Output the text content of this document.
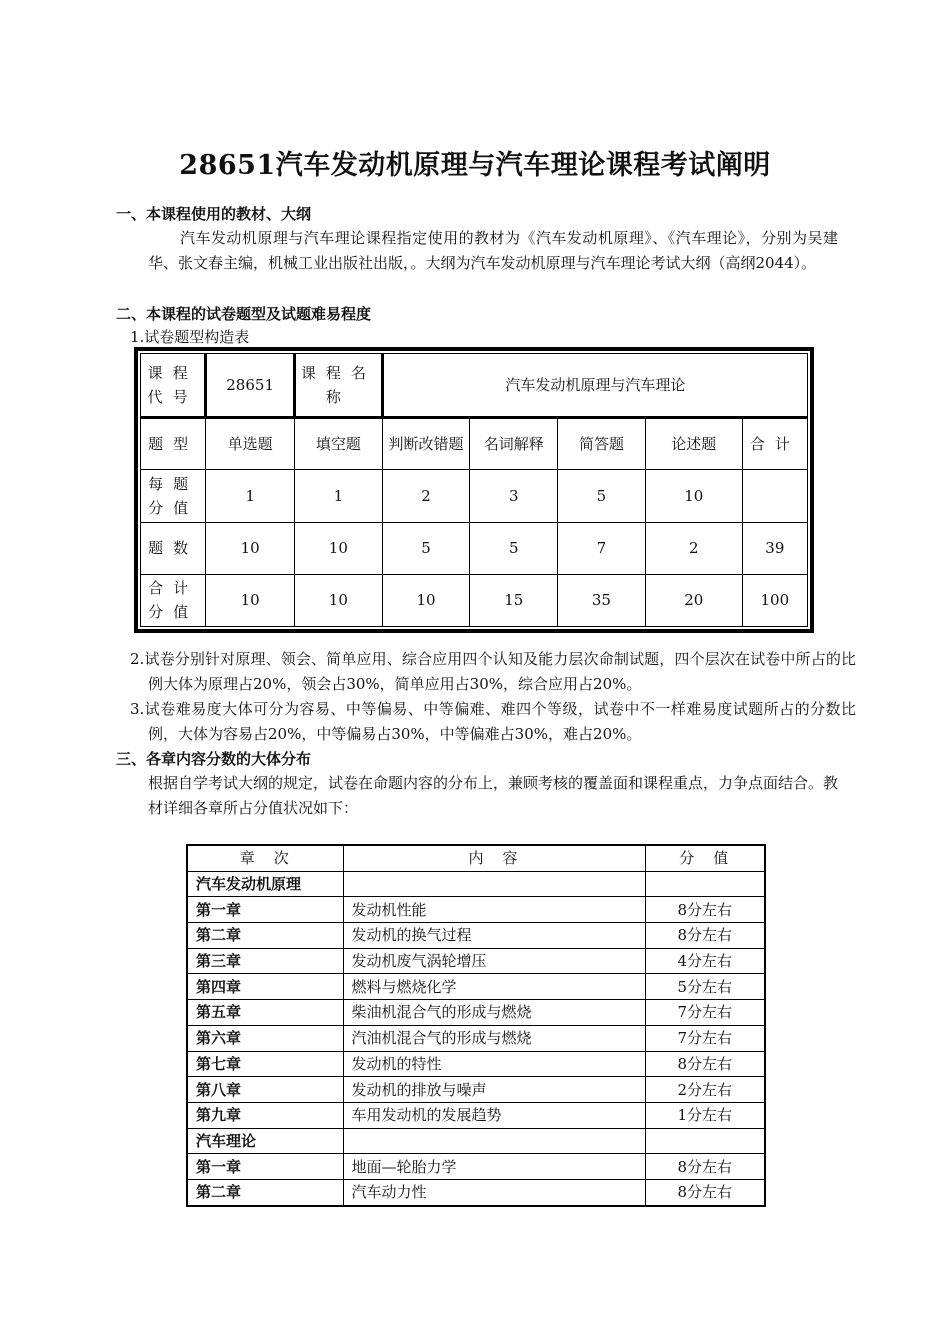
28651汽车发动机原理与汽车理论课程考试阐明
一、本课程使用的教材、大纲
汽车发动机原理与汽车理论课程指定使用的教材为《汽车发动机原理》、《汽车理论》，分别为吴建华、张文春主编，机械工业出版社出版，。大纲为汽车发动机原理与汽车理论考试大纲（高纲2044）。
二、本课程的试卷题型及试题难易程度
1.试卷题型构造表
课程代号	28651	课程名称	汽车发动机原理与汽车理论				
题型	单选题	填空题	判断改错题	名词解释	简答题	论述题	合计
每题分值	1	1	2	3	5	10	
题数	10	10	5	5	7	2	39
合计分值	10	10	10	15	35	20	100
2.试卷分别针对原理、领会、简单应用、综合应用四个认知及能力层次命制试题，四个层次在试卷中所占的比例大体为原理占20%，领会占30%，简单应用占30%，综合应用占20%。
3.试卷难易度大体可分为容易、中等偏易、中等偏难、难四个等级，试卷中不一样难易度试题所占的分数比例，大体为容易占20%，中等偏易占30%，中等偏难占30%，难占20%。
三、各章内容分数的大体分布
根据自学考试大纲的规定，试卷在命题内容的分布上，兼顾考核的覆盖面和课程重点，力争点面结合。教材详细各章所占分值状况如下：
章　次	内　容	分　值
汽车发动机原理		
第一章	发动机性能	8分左右
第二章	发动机的换气过程	8分左右
第三章	发动机废气涡轮增压	4分左右
第四章	燃料与燃烧化学	5分左右
第五章	柴油机混合气的形成与燃烧	7分左右
第六章	汽油机混合气的形成与燃烧	7分左右
第七章	发动机的特性	8分左右
第八章	发动机的排放与噪声	2分左右
第九章	车用发动机的发展趋势	1分左右
汽车理论		
第一章	地面—轮胎力学	8分左右
第二章	汽车动力性	8分左右
